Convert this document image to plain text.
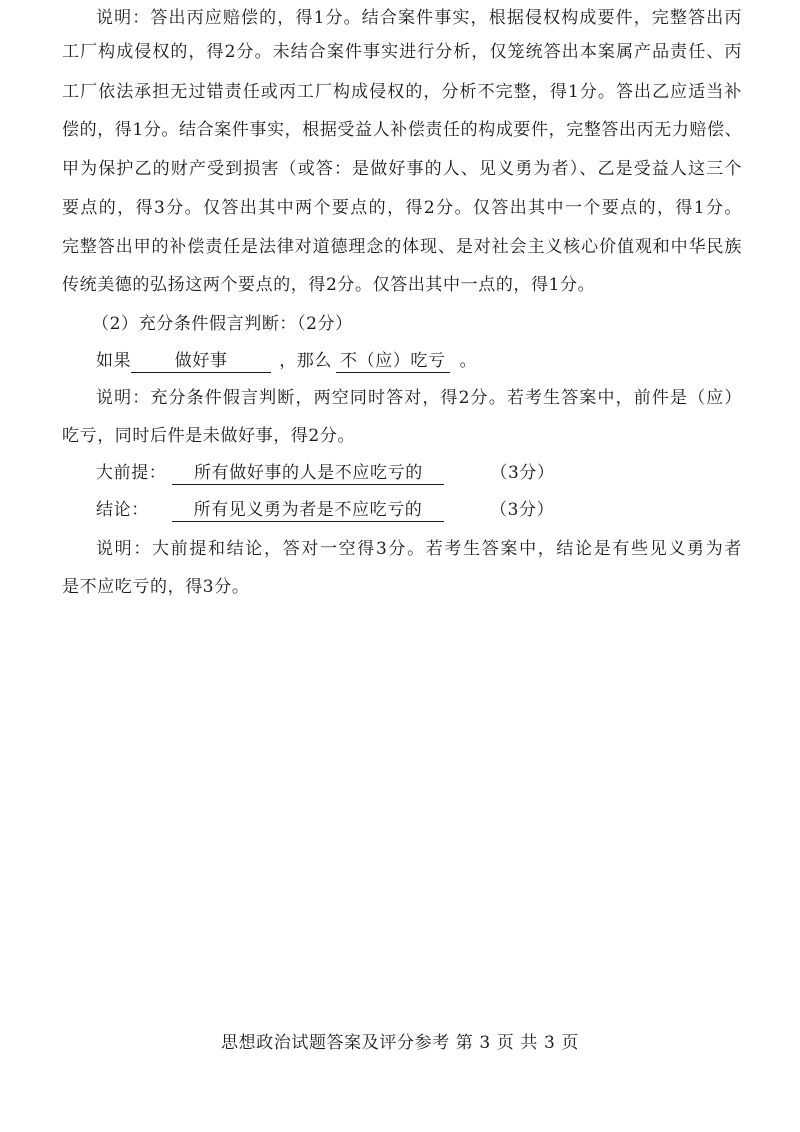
说明：答出丙应赔偿的，得1分。结合案件事实，根据侵权构成要件，完整答出丙
工厂构成侵权的，得2分。未结合案件事实进行分析，仅笼统答出本案属产品责任、丙
工厂依法承担无过错责任或丙工厂构成侵权的，分析不完整，得1分。答出乙应适当补
偿的，得1分。结合案件事实，根据受益人补偿责任的构成要件，完整答出丙无力赔偿、
甲为保护乙的财产受到损害（或答：是做好事的人、见义勇为者）、乙是受益人这三个
要点的，得3分。仅答出其中两个要点的，得2分。仅答出其中一个要点的，得1分。
完整答出甲的补偿责任是法律对道德理念的体现、是对社会主义核心价值观和中华民族
传统美德的弘扬这两个要点的，得2分。仅答出其中一点的，得1分。
（2）充分条件假言判断：（2分）
如果	做好事	，那么 不（应）吃亏 。
说明：充分条件假言判断，两空同时答对，得2分。若考生答案中，前件是（应）
吃亏，同时后件是未做好事，得2分。
大前提： 所有做好事的人是不应吃亏的	（3分）
结论：	所有见义勇为者是不应吃亏的	（3分）
说明：大前提和结论，答对一空得3分。若考生答案中，结论是有些见义勇为者
是不应吃亏的，得3分。
思想政治试题答案及评分参考 第 3 页 共 3 页
